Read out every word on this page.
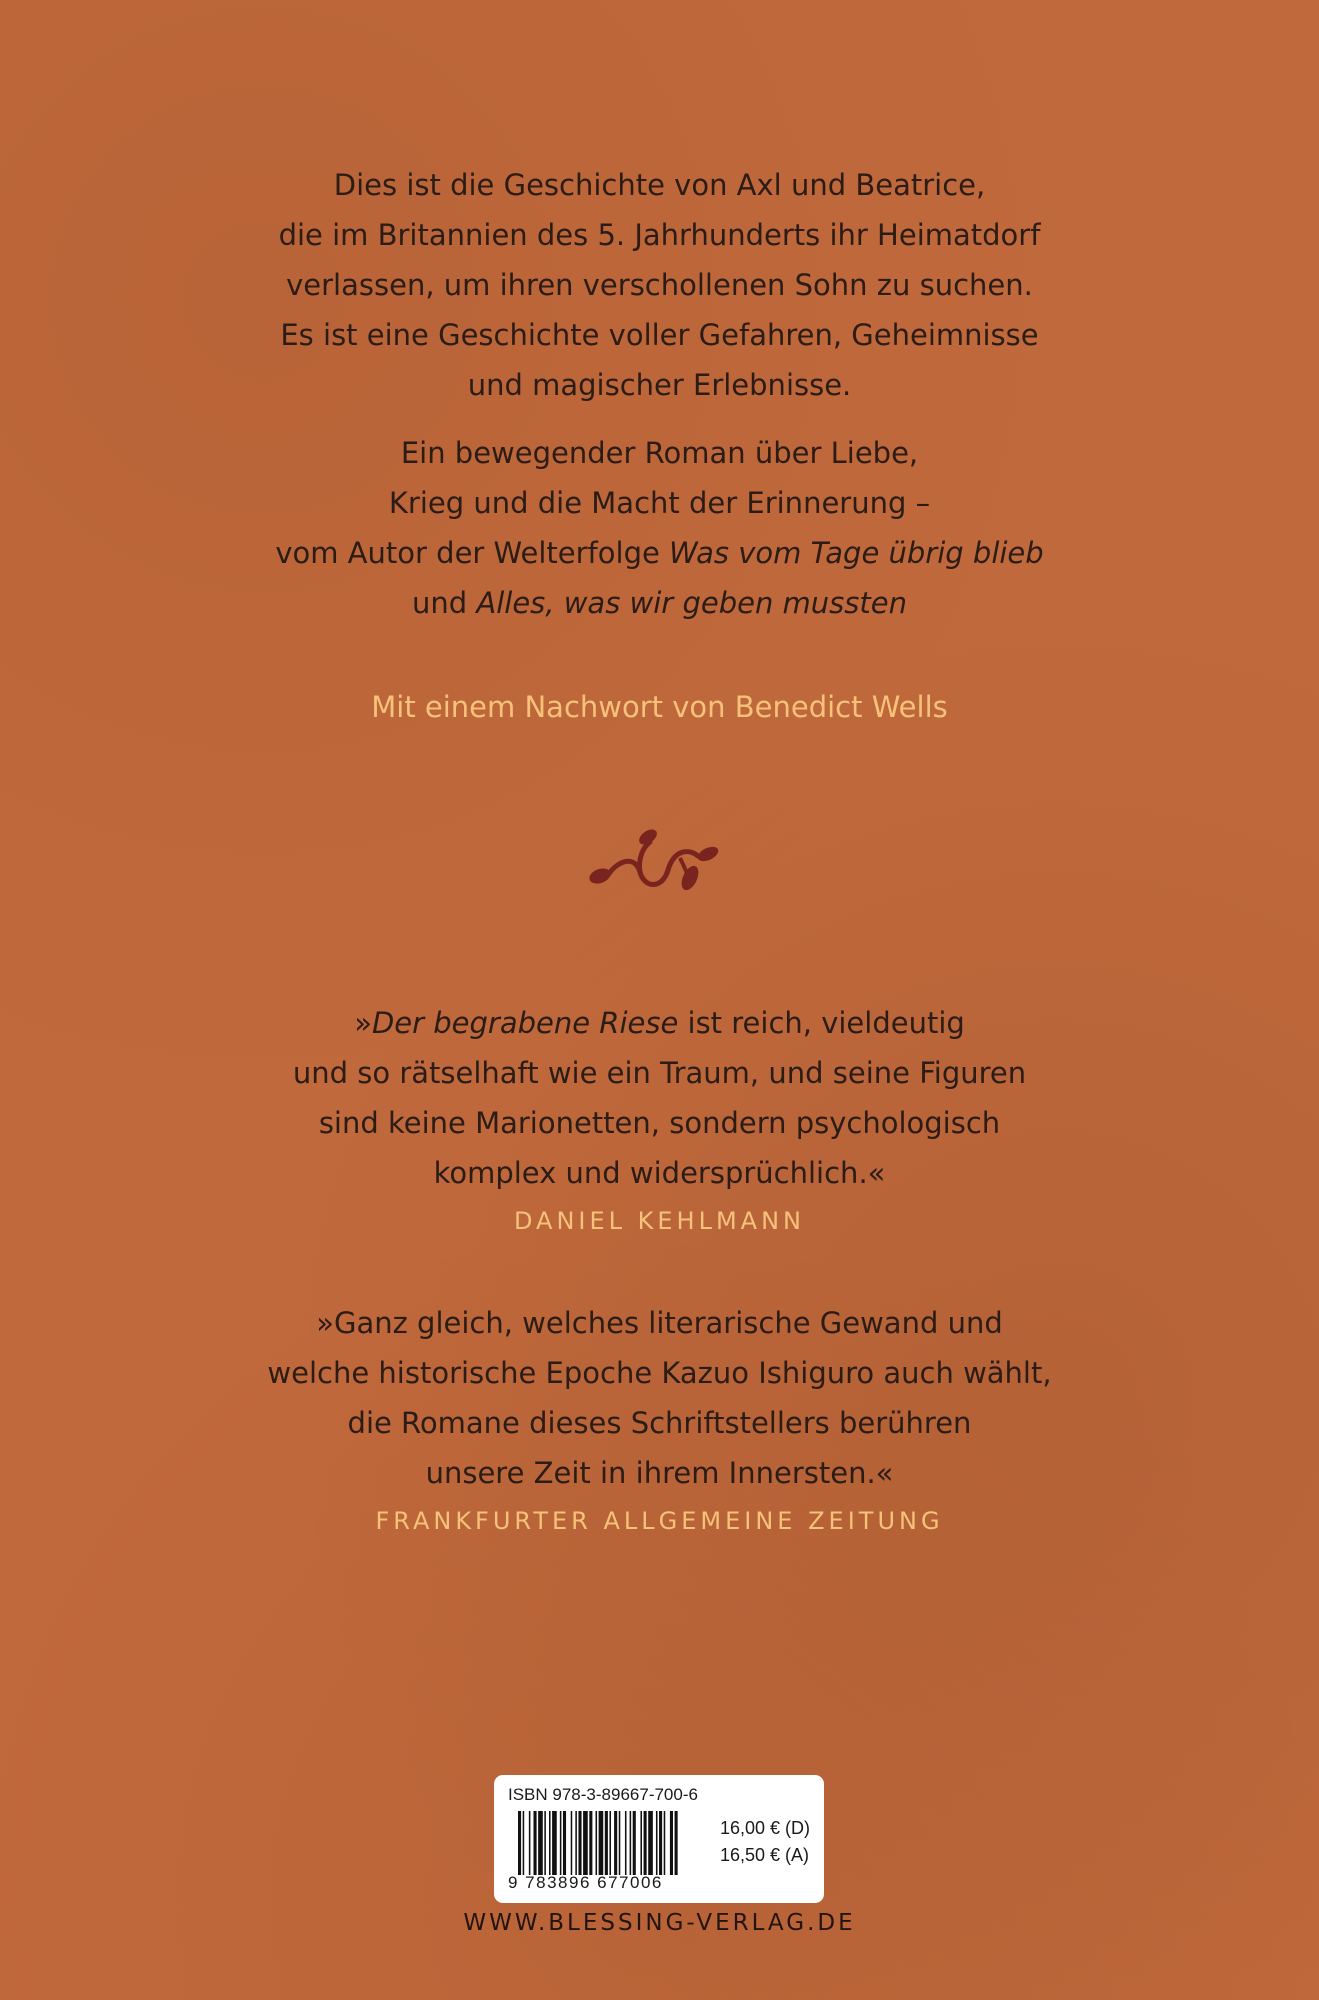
Dies ist die Geschichte von Axl und Beatrice,
die im Britannien des 5. Jahrhunderts ihr Heimatdorf
verlassen, um ihren verschollenen Sohn zu suchen.
Es ist eine Geschichte voller Gefahren, Geheimnisse
und magischer Erlebnisse.
Ein bewegender Roman über Liebe,
Krieg und die Macht der Erinnerung –
vom Autor der Welterfolge Was vom Tage übrig blieb
und Alles, was wir geben mussten
Mit einem Nachwort von Benedict Wells
»Der begrabene Riese ist reich, vieldeutig
und so rätselhaft wie ein Traum, und seine Figuren
sind keine Marionetten, sondern psychologisch
komplex und widersprüchlich.«
DANIEL KEHLMANN
»Ganz gleich, welches literarische Gewand und
welche historische Epoche Kazuo Ishiguro auch wählt,
die Romane dieses Schriftstellers berühren
unsere Zeit in ihrem Innersten.«
FRANKFURTER ALLGEMEINE ZEITUNG
ISBN 978-3-89667-700-6
9 783896 677006
16,00 € (D)
16,50 € (A)
WWW.BLESSING-VERLAG.DE
